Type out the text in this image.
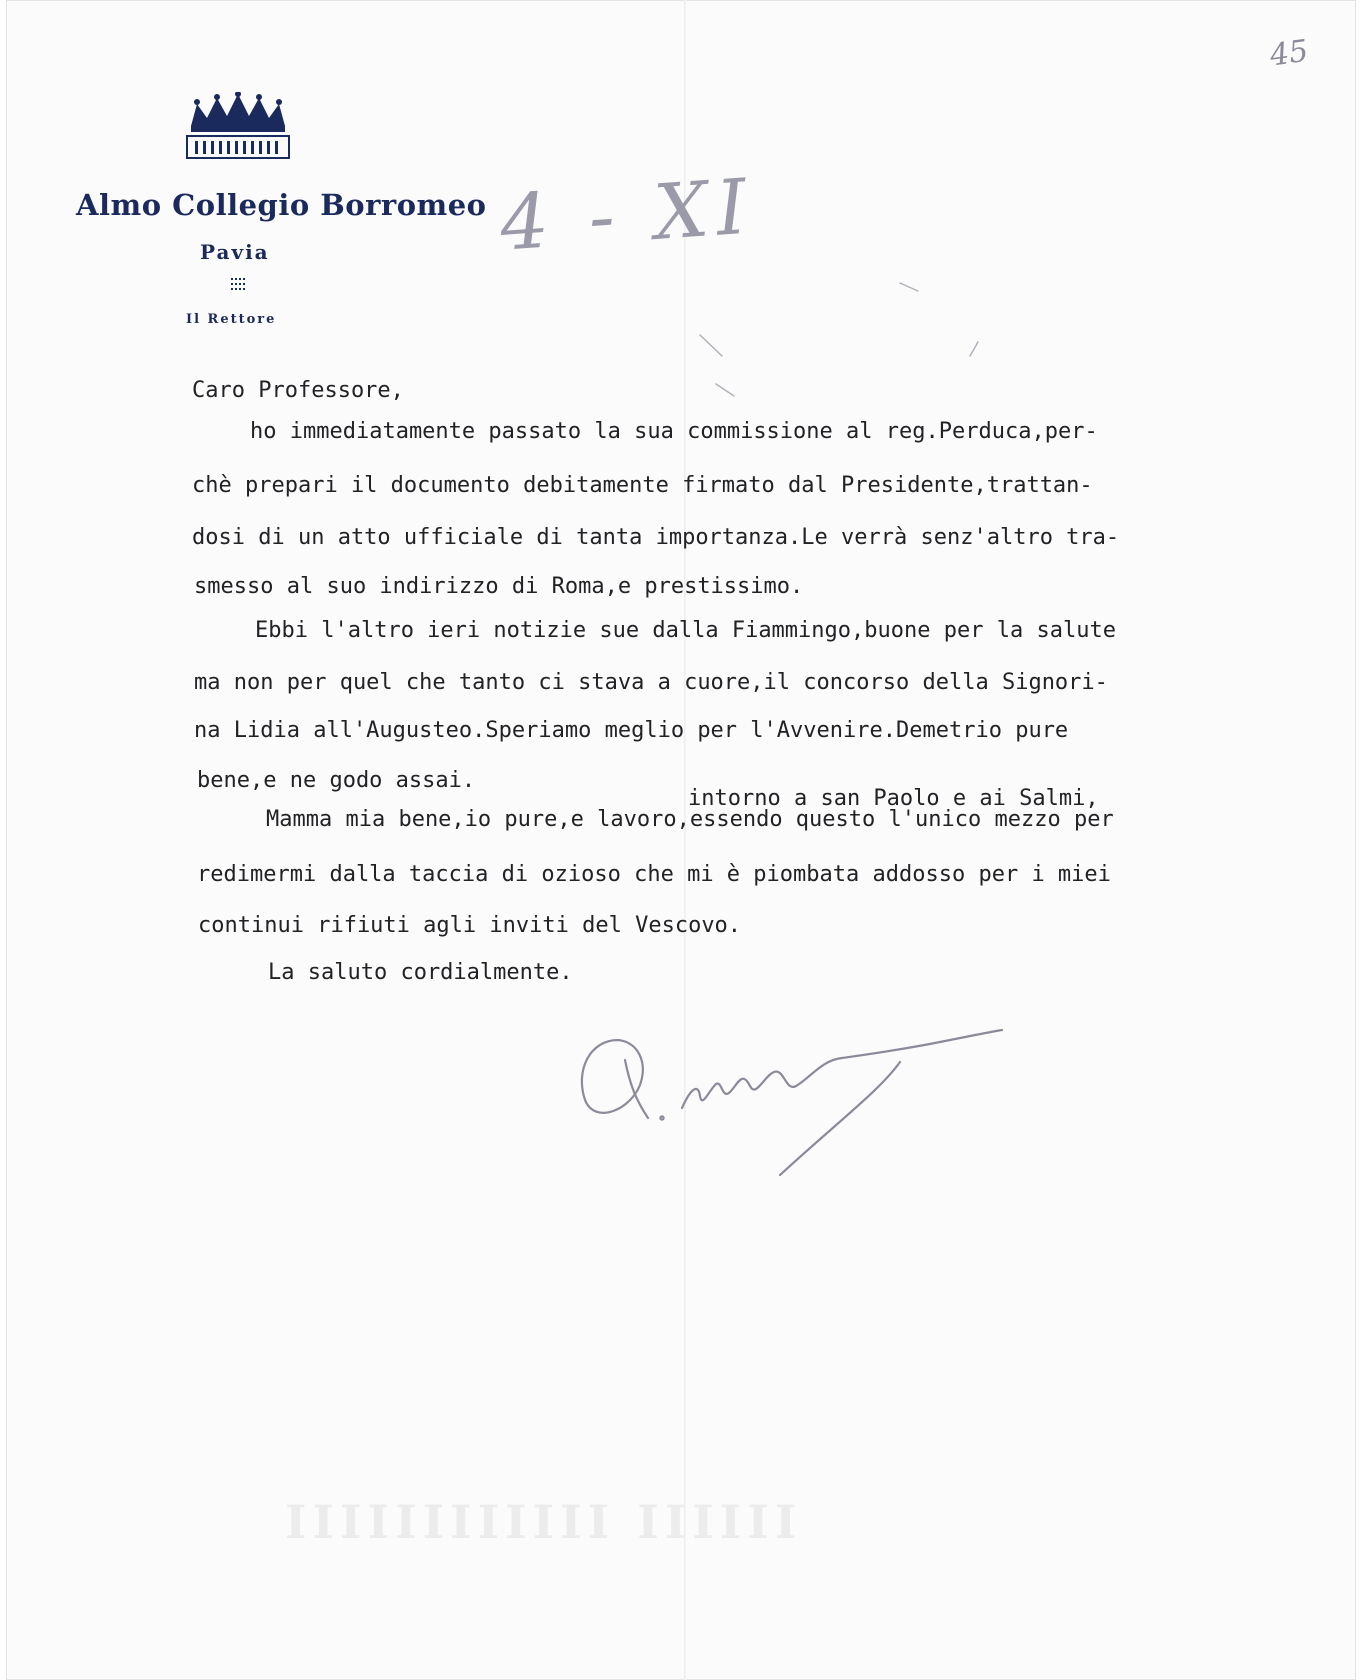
Almo Collegio Borromeo
Pavia
Il Rettore
45
4 - XI
Caro Professore,
ho immediatamente passato la sua commissione al reg.Perduca,per-
chè prepari il documento debitamente firmato dal Presidente,trattan-
dosi di un atto ufficiale di tanta importanza.Le verrà senz'altro tra-
smesso al suo indirizzo di Roma,e prestissimo.
Ebbi l'altro ieri notizie sue dalla Fiammingo,buone per la salute
ma non per quel che tanto ci stava a cuore,il concorso della Signori-
na Lidia all'Augusteo.Speriamo meglio per l'Avvenire.Demetrio pure
bene,e ne godo assai.
intorno a san Paolo e ai Salmi,
Mamma mia bene,io pure,e lavoro,essendo questo l'unico mezzo per
redimermi dalla taccia di ozioso che mi è piombata addosso per i miei
continui rifiuti agli inviti del Vescovo.
La saluto cordialmente.
IIIIIIIIIIII IIIIII
